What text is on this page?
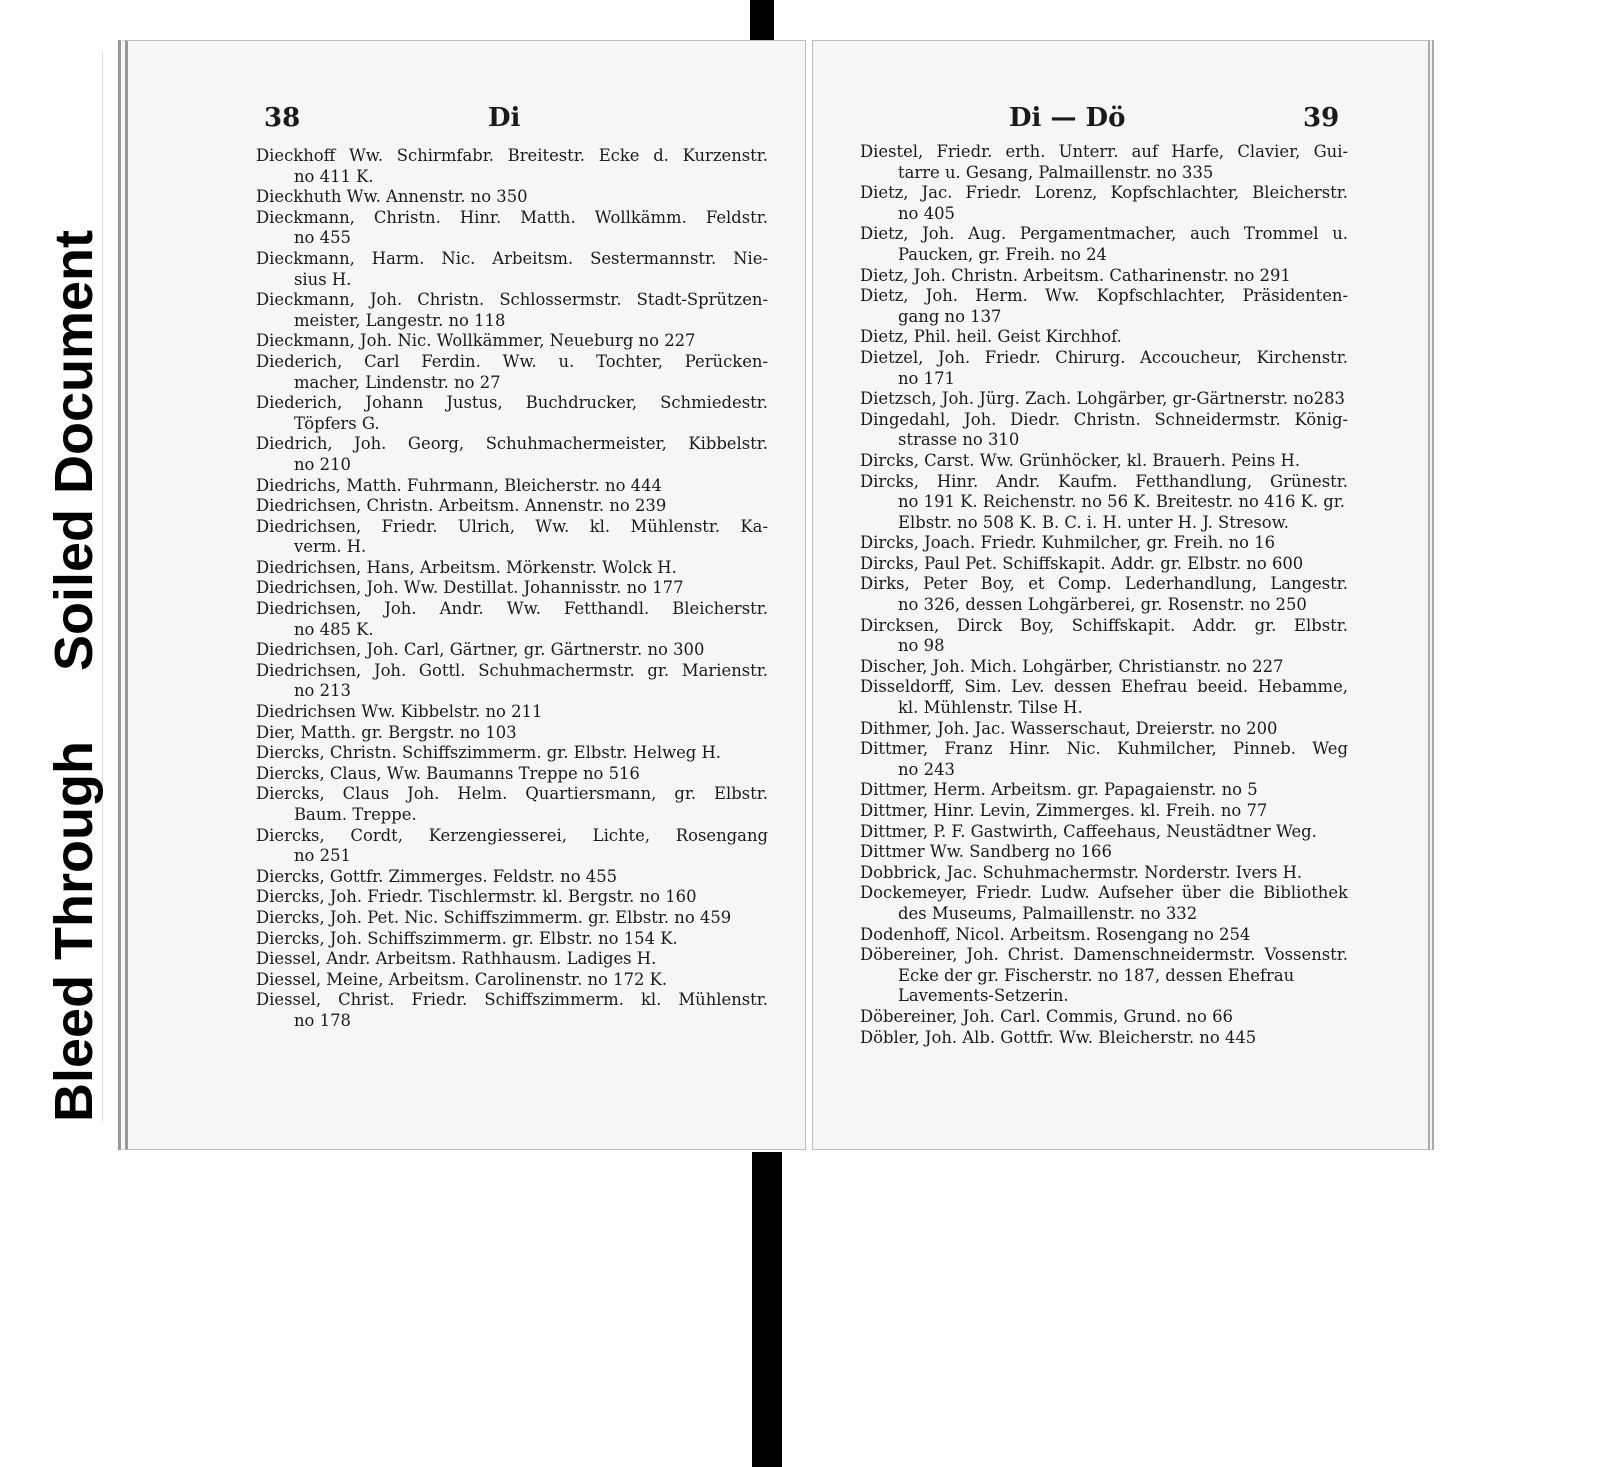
Bleed ThroughSoiled Document
38	Di	Di — Dö	39
Dieckhoff Ww. Schirmfabr. Breitestr. Ecke d. Kurzenstr.
no 411 K.
Dieckhuth Ww. Annenstr. no 350
Dieckmann, Christn. Hinr. Matth. Wollkämm. Feldstr.
no 455
Dieckmann, Harm. Nic. Arbeitsm. Sestermannstr. Nie-
sius H.
Dieckmann, Joh. Christn. Schlossermstr. Stadt-Sprützen-
meister, Langestr. no 118
Dieckmann, Joh. Nic. Wollkämmer, Neueburg no 227
Diederich, Carl Ferdin. Ww. u. Tochter, Perücken-
macher, Lindenstr. no 27
Diederich, Johann Justus, Buchdrucker, Schmiedestr.
Töpfers G.
Diedrich, Joh. Georg, Schuhmachermeister, Kibbelstr.
no 210
Diedrichs, Matth. Fuhrmann, Bleicherstr. no 444
Diedrichsen, Christn. Arbeitsm. Annenstr. no 239
Diedrichsen, Friedr. Ulrich, Ww. kl. Mühlenstr. Ka-
verm. H.
Diedrichsen, Hans, Arbeitsm. Mörkenstr. Wolck H.
Diedrichsen, Joh. Ww. Destillat. Johannisstr. no 177
Diedrichsen, Joh. Andr. Ww. Fetthandl. Bleicherstr.
no 485 K.
Diedrichsen, Joh. Carl, Gärtner, gr. Gärtnerstr. no 300
Diedrichsen, Joh. Gottl. Schuhmachermstr. gr. Marienstr.
no 213
Diedrichsen Ww. Kibbelstr. no 211
Dier, Matth. gr. Bergstr. no 103
Diercks, Christn. Schiffszimmerm. gr. Elbstr. Helweg H.
Diercks, Claus, Ww. Baumanns Treppe no 516
Diercks, Claus Joh. Helm. Quartiersmann, gr. Elbstr.
Baum. Treppe.
Diercks, Cordt, Kerzengiesserei, Lichte, Rosengang
no 251
Diercks, Gottfr. Zimmerges. Feldstr. no 455
Diercks, Joh. Friedr. Tischlermstr. kl. Bergstr. no 160
Diercks, Joh. Pet. Nic. Schiffszimmerm. gr. Elbstr. no 459
Diercks, Joh. Schiffszimmerm. gr. Elbstr. no 154 K.
Diessel, Andr. Arbeitsm. Rathhausm. Ladiges H.
Diessel, Meine, Arbeitsm. Carolinenstr. no 172 K.
Diessel, Christ. Friedr. Schiffszimmerm. kl. Mühlenstr.
no 178
Diestel, Friedr. erth. Unterr. auf Harfe, Clavier, Gui-
tarre u. Gesang, Palmaillenstr. no 335
Dietz, Jac. Friedr. Lorenz, Kopfschlachter, Bleicherstr.
no 405
Dietz, Joh. Aug. Pergamentmacher, auch Trommel u.
Paucken, gr. Freih. no 24
Dietz, Joh. Christn. Arbeitsm. Catharinenstr. no 291
Dietz, Joh. Herm. Ww. Kopfschlachter, Präsidenten-
gang no 137
Dietz, Phil. heil. Geist Kirchhof.
Dietzel, Joh. Friedr. Chirurg. Accoucheur, Kirchenstr.
no 171
Dietzsch, Joh. Jürg. Zach. Lohgärber, gr-Gärtnerstr. no283
Dingedahl, Joh. Diedr. Christn. Schneidermstr. König-
strasse no 310
Dircks, Carst. Ww. Grünhöcker, kl. Brauerh. Peins H.
Dircks, Hinr. Andr. Kaufm. Fetthandlung, Grünestr.
no 191 K. Reichenstr. no 56 K. Breitestr. no 416 K. gr. Elbstr. no 508 K. B. C. i. H. unter H. J. Stresow.
Dircks, Joach. Friedr. Kuhmilcher, gr. Freih. no 16
Dircks, Paul Pet. Schiffskapit. Addr. gr. Elbstr. no 600
Dirks, Peter Boy, et Comp. Lederhandlung, Langestr.
no 326, dessen Lohgärberei, gr. Rosenstr. no 250
Dircksen, Dirck Boy, Schiffskapit. Addr. gr. Elbstr.
no 98
Discher, Joh. Mich. Lohgärber, Christianstr. no 227
Disseldorff, Sim. Lev. dessen Ehefrau beeid. Hebamme,
kl. Mühlenstr. Tilse H.
Dithmer, Joh. Jac. Wasserschaut, Dreierstr. no 200
Dittmer, Franz Hinr. Nic. Kuhmilcher, Pinneb. Weg
no 243
Dittmer, Herm. Arbeitsm. gr. Papagaienstr. no 5
Dittmer, Hinr. Levin, Zimmerges. kl. Freih. no 77
Dittmer, P. F. Gastwirth, Caffeehaus, Neustädtner Weg.
Dittmer Ww. Sandberg no 166
Dobbrick, Jac. Schuhmachermstr. Norderstr. Ivers H.
Dockemeyer, Friedr. Ludw. Aufseher über die Bibliothek
des Museums, Palmaillenstr. no 332
Dodenhoff, Nicol. Arbeitsm. Rosengang no 254
Döbereiner, Joh. Christ. Damenschneidermstr. Vossenstr.
Ecke der gr. Fischerstr. no 187, dessen Ehefrau Lavements-Setzerin.
Döbereiner, Joh. Carl. Commis, Grund. no 66
Döbler, Joh. Alb. Gottfr. Ww. Bleicherstr. no 445
